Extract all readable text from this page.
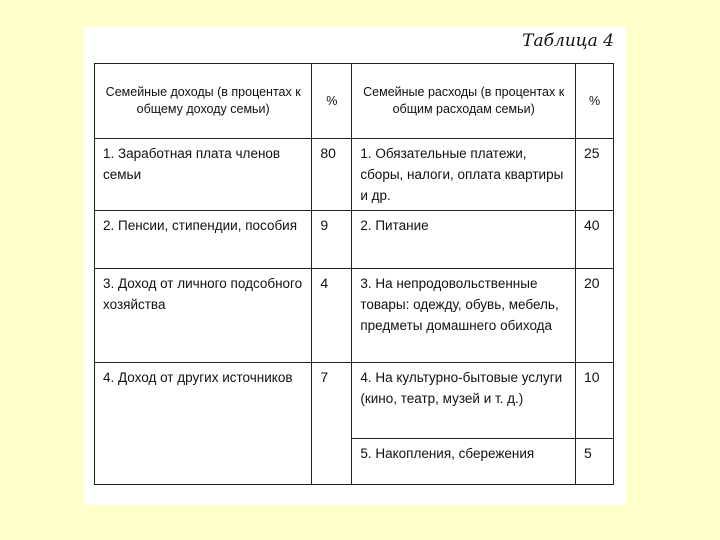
Таблица 4
Семейные доходы (в процентах к общему доходу семьи)	%	Семейные расходы (в процентах к общим расходам семьи)	%
1. Заработная плата членов семьи	80	1. Обязательные платежи, сборы, налоги, оплата квартиры и др.	25
2. Пенсии, стипендии, пособия	9	2. Питание	40
3. Доход от личного подсобного хозяйства	4	3. На непродовольственные товары: одежду, обувь, мебель, предметы домашнего обихода	20
4. Доход от других источников	7	4. На культурно-бытовые услуги (кино, театр, музей и т. д.)	10
		5. Накопления, сбережения	5
